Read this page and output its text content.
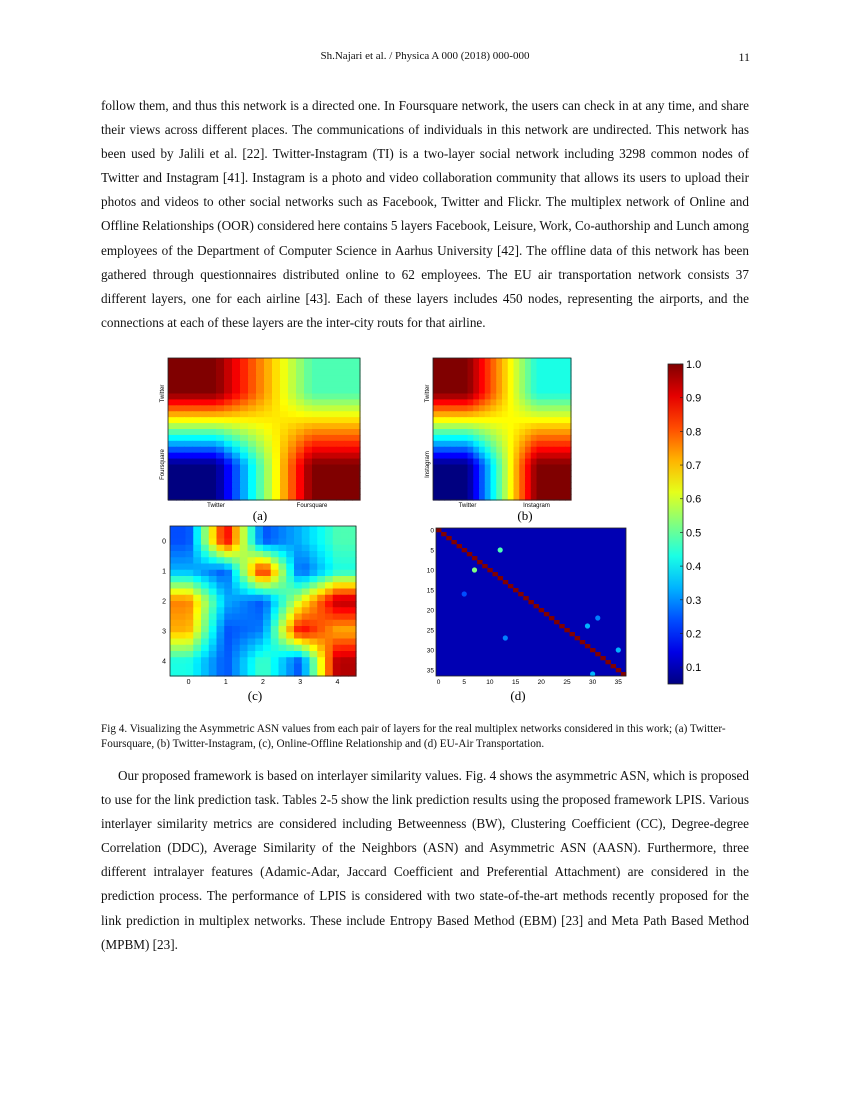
Sh.Najari et al. / Physica A 000 (2018) 000-000	11

follow them, and thus this network is a directed one. In Foursquare network, the users can check in at any time, and share their views across different places. The communications of individuals in this network are undirected. This network has been used by Jalili et al. [22]. Twitter-Instagram (TI) is a two-layer social network including 3298 common nodes of Twitter and Instagram [41]. Instagram is a photo and video collaboration community that allows its users to upload their photos and videos to other social networks such as Facebook, Twitter and Flickr. The multiplex network of Online and Offline Relationships (OOR) considered here contains 5 layers Facebook, Leisure, Work, Co-authorship and Lunch among employees of the Department of Computer Science in Aarhus University [42]. The offline data of this network has been gathered through questionnaires distributed online to 62 employees. The EU air transportation network consists 37 different layers, one for each airline [43]. Each of these layers includes 450 nodes, representing the airports, and the connections at each of these layers are the inter-city routs for that airline.

Twitter	Foursquare
Twitter
Foursquare
(a)
Twitter	Instagram
Twitter
Instagram
(b)
0	1	2	3	4
0
1
2
3
4
(c)
0	5	10	15	20	25	30	35
0
5
10
15
20
25
30
35
(d)
0.1
0.2
0.3
0.4
0.5
0.6
0.7
0.8
0.9
1.0

Fig 4. Visualizing the Asymmetric ASN values from each pair of layers for the real multiplex networks considered in this work; (a) Twitter-Foursquare, (b) Twitter-Instagram, (c), Online-Offline Relationship and (d) EU-Air Transportation.

Our proposed framework is based on interlayer similarity values. Fig. 4 shows the asymmetric ASN, which is proposed to use for the link prediction task. Tables 2-5 show the link prediction results using the proposed framework LPIS. Various interlayer similarity metrics are considered including Betweenness (BW), Clustering Coefficient (CC), Degree-degree Correlation (DDC), Average Similarity of the Neighbors (ASN) and Asymmetric ASN (AASN). Furthermore, three different intralayer features (Adamic-Adar, Jaccard Coefficient and Preferential Attachment) are considered in the prediction process. The performance of LPIS is considered with two state-of-the-art methods recently proposed for the link prediction in multiplex networks. These include Entropy Based Method (EBM) [23] and Meta Path Based Method (MPBM) [23].
